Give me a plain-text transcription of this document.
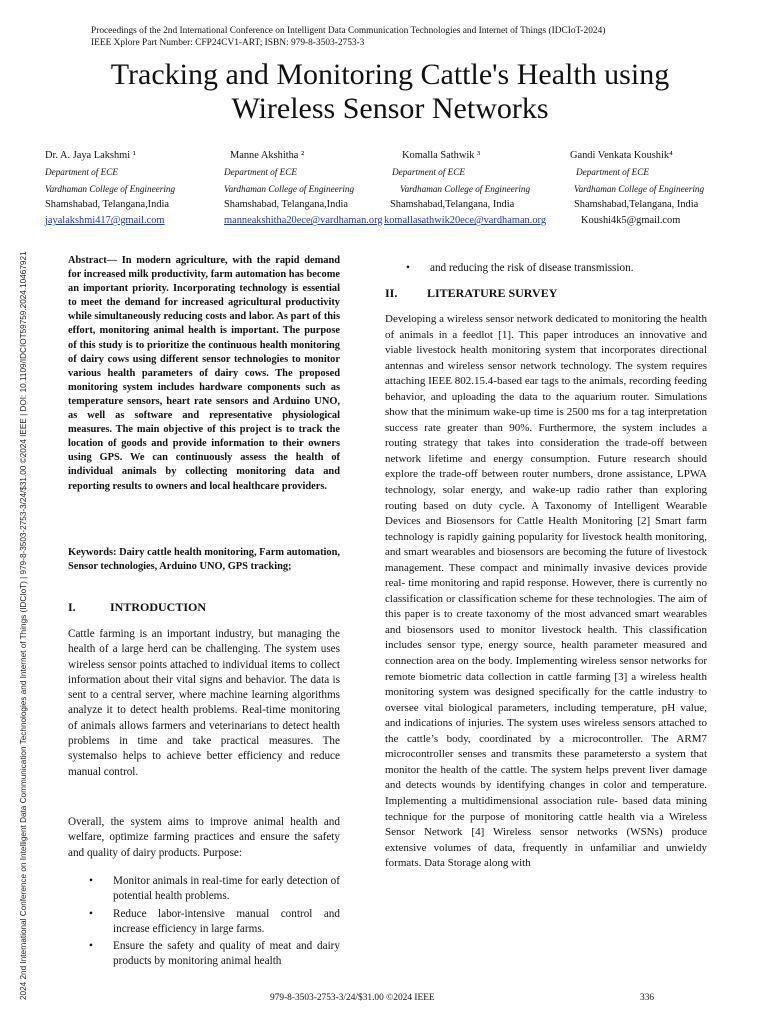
Proceedings of the 2nd International Conference on Intelligent Data Communication Technologies and Internet of Things (IDCIoT-2024)
IEEE Xplore Part Number: CFP24CV1-ART; ISBN: 979-8-3503-2753-3
2024 2nd International Conference on Intelligent Data Communication Technologies and Internet of Things (IDCIoT) | 979-8-3503-2753-3/24/$31.00 ©2024 IEEE | DOI: 10.1109/IDCIOT59759.2024.10467921
Tracking and Monitoring Cattle's Health using
Wireless Sensor Networks
Dr. A. Jaya Lakshmi ¹
Department of ECE
Vardhaman College of Engineering
Shamshabad, Telangana,India
jayalakshmi417@gmail.com
Manne Akshitha ²
Department of ECE
Vardhaman College of Engineering
Shamshabad, Telangana,India
manneakshitha20ece@vardhaman.org
Komalla Sathwik ³
Department of ECE
Vardhaman College of Engineering
Shamshabad,Telangana, India
komallasathwik20ece@vardhaman.org
Gandi Venkata Koushik⁴
Department of ECE
Vardhaman College of Engineering
Shamshabad,Telangana, India
Koushi4k5@gmail.com
Abstract— In modern agriculture, with the rapid demand for increased milk productivity, farm automation has become an important priority. Incorporating technology is essential to meet the demand for increased agricultural productivity while simultaneously reducing costs and labor. As part of this effort, monitoring animal health is important. The purpose of this study is to prioritize the continuous health monitoring of dairy cows using different sensor technologies to monitor various health parameters of dairy cows. The proposed monitoring system includes hardware components such as temperature sensors, heart rate sensors and Arduino UNO, as well as software and representative physiological measures. The main objective of this project is to track the location of goods and provide information to their owners using GPS. We can continuously assess the health of individual animals by collecting monitoring data and reporting results to owners and local healthcare providers.
Keywords: Dairy cattle health monitoring, Farm automation, Sensor technologies, Arduino UNO, GPS tracking;
I.	INTRODUCTION
Cattle farming is an important industry, but managing the health of a large herd can be challenging. The system uses wireless sensor points attached to individual items to collect information about their vital signs and behavior. The data is sent to a central server, where machine learning algorithms analyze it to detect health problems. Real-time monitoring of animals allows farmers and veterinarians to detect health problems in time and take practical measures. The systemalso helps to achieve better efficiency and reduce manual control.
Overall, the system aims to improve animal health and welfare, optimize farming practices and ensure the safety and quality of dairy products. Purpose:
• Monitor animals in real-time for early detection of potential health problems.
• Reduce labor-intensive manual control and increase efficiency in large farms.
• Ensure the safety and quality of meat and dairy products by monitoring animal health
• and reducing the risk of disease transmission.
II. LITERATURE SURVEY
Developing a wireless sensor network dedicated to monitoring the health of animals in a feedlot [1]. This paper introduces an innovative and viable livestock health monitoring system that incorporates directional antennas and wireless sensor network technology. The system requires attaching IEEE 802.15.4-based ear tags to the animals, recording feeding behavior, and uploading the data to the aquarium router. Simulations show that the minimum wake-up time is 2500 ms for a tag interpretation success rate greater than 90%. Furthermore, the system includes a routing strategy that takes into consideration the trade-off between network lifetime and energy consumption. Future research should explore the trade-off between router numbers, drone assistance, LPWA technology, solar energy, and wake-up radio rather than exploring routing based on duty cycle. A Taxonomy of Intelligent Wearable Devices and Biosensors for Cattle Health Monitoring [2] Smart farm technology is rapidly gaining popularity for livestock health monitoring, and smart wearables and biosensors are becoming the future of livestock management. These compact and minimally invasive devices provide real- time monitoring and rapid response. However, there is currently no classification or classification scheme for these technologies. The aim of this paper is to create taxonomy of the most advanced smart wearables and biosensors used to monitor livestock health. This classification includes sensor type, energy source, health parameter measured and connection area on the body. Implementing wireless sensor networks for remote biometric data collection in cattle farming [3] a wireless health monitoring system was designed specifically for the cattle industry to oversee vital biological parameters, including temperature, pH value, and indications of injuries. The system uses wireless sensors attached to the cattle’s body, coordinated by a microcontroller. The ARM7 microcontroller senses and transmits these parametersto a system that monitor the health of the cattle. The system helps prevent liver damage and detects wounds by identifying changes in color and temperature. Implementing a multidimensional association rule- based data mining technique for the purpose of monitoring cattle health via a Wireless Sensor Network [4] Wireless sensor networks (WSNs) produce extensive volumes of data, frequently in unfamiliar and unwieldy formats. Data Storage along with
979-8-3503-2753-3/24/$31.00 ©2024 IEEE	336
